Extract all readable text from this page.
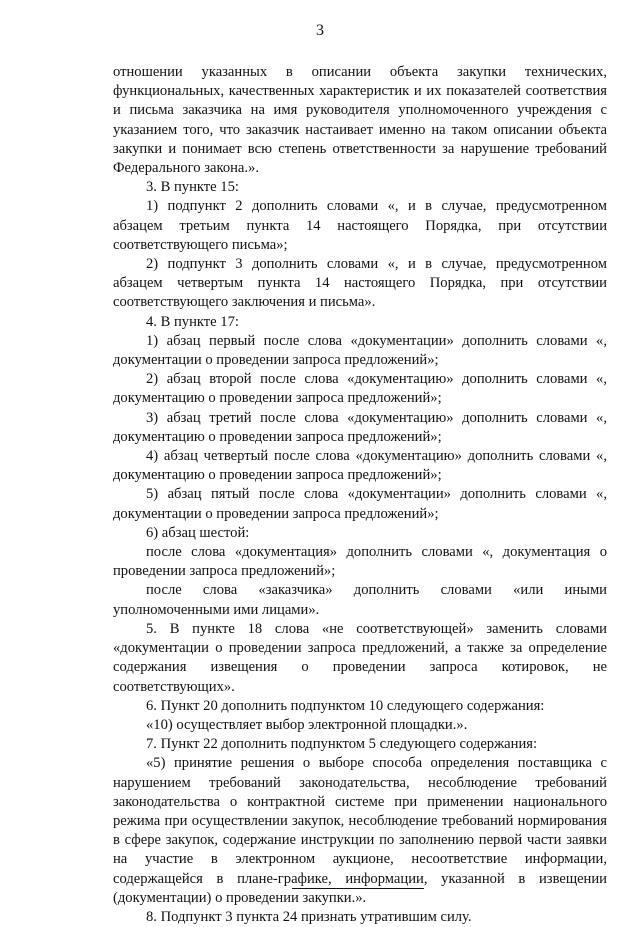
3

отношении указанных в описании объекта закупки технических, функциональных, качественных характеристик и их показателей соответствия и письма заказчика на имя руководителя уполномоченного учреждения с указанием того, что заказчик настаивает именно на таком описании объекта закупки и понимает всю степень ответственности за нарушение требований Федерального закона.».

3. В пункте 15:

1) подпункт 2 дополнить словами «, и в случае, предусмотренном абзацем третьим пункта 14 настоящего Порядка, при отсутствии соответствующего письма»;

2) подпункт 3 дополнить словами «, и в случае, предусмотренном абзацем четвертым пункта 14 настоящего Порядка, при отсутствии соответствующего заключения и письма».

4. В пункте 17:

1) абзац первый после слова «документации» дополнить словами «, документации о проведении запроса предложений»;

2) абзац второй после слова «документацию» дополнить словами «, документацию о проведении запроса предложений»;

3) абзац третий после слова «документацию» дополнить словами «, документацию о проведении запроса предложений»;

4) абзац четвертый после слова «документацию» дополнить словами «, документацию о проведении запроса предложений»;

5) абзац пятый после слова «документации» дополнить словами «, документации о проведении запроса предложений»;

6) абзац шестой:

после слова «документация» дополнить словами «, документация о проведении запроса предложений»;

после слова «заказчика» дополнить словами «или иными уполномоченными ими лицами».

5. В пункте 18 слова «не соответствующей» заменить словами «документации о проведении запроса предложений, а также за определение содержания извещения о проведении запроса котировок, не соответствующих».

6. Пункт 20 дополнить подпунктом 10 следующего содержания:

«10) осуществляет выбор электронной площадки.».

7. Пункт 22 дополнить подпунктом 5 следующего содержания:

«5) принятие решения о выборе способа определения поставщика с нарушением требований законодательства, несоблюдение требований законодательства о контрактной системе при применении национального режима при осуществлении закупок, несоблюдение требований нормирования в сфере закупок, содержание инструкции по заполнению первой части заявки на участие в электронном аукционе, несоответствие информации, содержащейся в плане-графике, информации, указанной в извещении (документации) о проведении закупки.».

8. Подпункт 3 пункта 24 признать утратившим силу.
